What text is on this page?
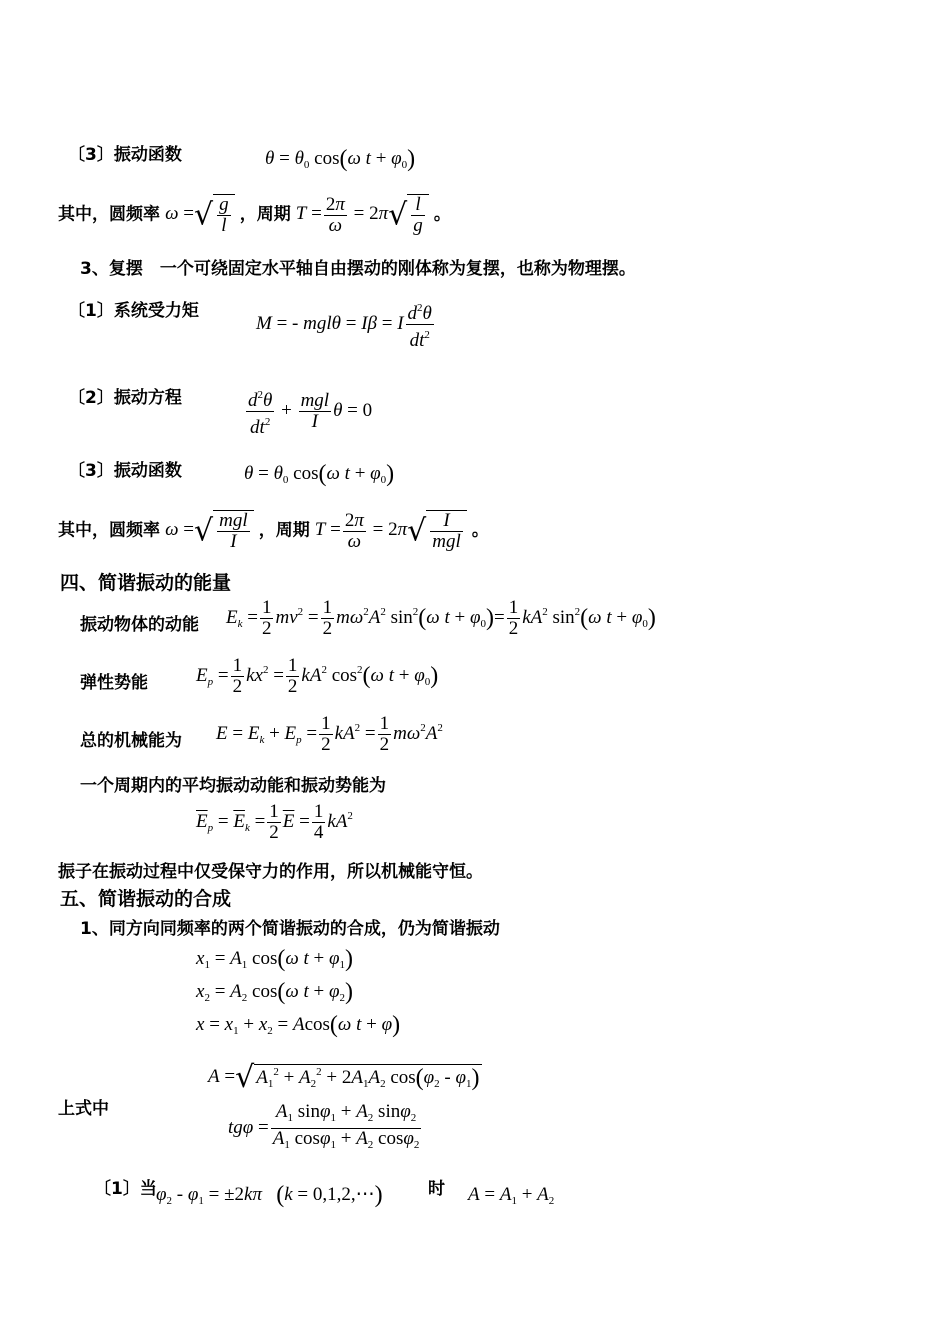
〔3〕振动函数	$\theta = \theta_0$ cos(ω $t + \varphi_0$)
其中，圆频率 ω =√ $\frac{g}{l}$ ，周期 $T = \frac{2\pi}{\omega} = 2\pi√ \frac{l}{g}$ 。
3、复摆　一个可绕固定水平轴自由摆动的刚体称为复摆，也称为物理摆。
〔1〕系统受力矩
M = - mglθ = Iβ = I $\frac{d^2\theta}{dt^2}$
〔2〕振动方程	$\frac{d^2\theta}{dt^2} + \frac{\text{mgl}}{I}$ θ = 0
〔3〕振动函数	$\theta = \theta_0$ cos(ω $t + \varphi_0$)
其中，圆频率 ω =√ $\frac{\text{mgl}}{I}$ ，周期 $T = \frac{2\pi}{\omega} = 2\pi√ \frac{I}{\text{mgl}}$ 。
四、简谐振动的能量
振动物体的动能 $E_k = \frac{1}{2} mv^2 = \frac{1}{2} m\omega^2A^2$ $\sin^2(\omega$ $t + \varphi_0)= \frac{1}{2} kA^2$ $\sin^2(\omega$ $t + \varphi_0$)
弹性势能	$E_p = \frac{1}{2} kx^2 = \frac{1}{2} kA^2$ $\cos^2(\omega$ $t + \varphi_0$)
总的机械能为 $E = E_k + E_p = \frac{1}{2} kA^2 = \frac{1}{2} m\omega^2A^2$
一个周期内的平均振动动能和振动势能为
$\overline{E}_p = \overline{E}_k = \frac{1}{2} \overline{E} = \frac{1}{4} kA^2$
振子在振动过程中仅受保守力的作用，所以机械能守恒。
五、简谐振动的合成
1、同方向同频率的两个简谐振动的合成，仍为简谐振动
$x_1 = A_1$ cos(ω $t + \varphi_1$)
$x_2 = A_2$ cos(ω $t + \varphi_2$)
$x = x_1 + x_2 = Acos(\omega$ t + φ)
上式中
A =√ $A_1^2 + A_2^2 + 2A_1A_2$ $\cos(\varphi_2 - \varphi_1)$
$tg\varphi = \frac{A_1 \sin\varphi_1 + A_2 \sin\varphi_2}{A_1 \cos\varphi_1 + A_2 \cos\varphi_2}$
〔1〕当 $\varphi_2 - \varphi_1 = \pm 2k\pi$ (k = 0,1,2,⋯)	时 $A = A_1 + A_2$
